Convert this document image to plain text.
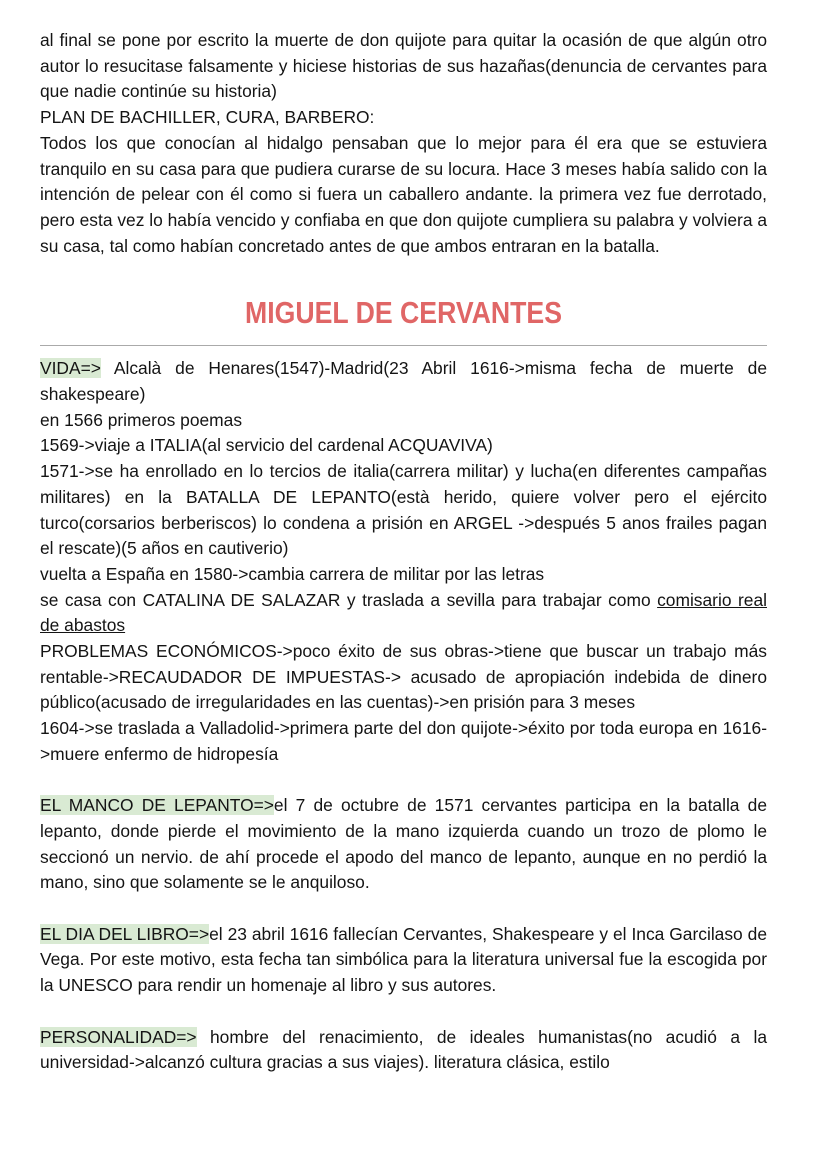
al final se pone por escrito la muerte de don quijote para quitar la ocasión de que algún otro autor lo resucitase falsamente y hiciese historias de sus hazañas(denuncia de cervantes para que nadie continúe su historia)

PLAN DE BACHILLER, CURA, BARBERO:

Todos los que conocían al hidalgo pensaban que lo mejor para él era que se estuviera tranquilo en su casa para que pudiera curarse de su locura. Hace 3 meses había salido con la intención de pelear con él como si fuera un caballero andante. la primera vez fue derrotado, pero esta vez lo había vencido y confiaba en que don quijote cumpliera su palabra y volviera a su casa, tal como habían concretado antes de que ambos entraran en la batalla.

MIGUEL DE CERVANTES

VIDA=> Alcalà de Henares(1547)-Madrid(23 Abril 1616->misma fecha de muerte de shakespeare)

en 1566 primeros poemas

1569->viaje a ITALIA(al servicio del cardenal ACQUAVIVA)

1571->se ha enrollado en lo tercios de italia(carrera militar) y lucha(en diferentes campañas militares) en la BATALLA DE LEPANTO(està herido, quiere volver pero el ejército turco(corsarios berberiscos) lo condena a prisión en ARGEL ->después 5 anos frailes pagan el rescate)(5 años en cautiverio)

vuelta a España en 1580->cambia carrera de militar por las letras

se casa con CATALINA DE SALAZAR y traslada a sevilla para trabajar como comisario real de abastos

PROBLEMAS ECONÓMICOS->poco éxito de sus obras->tiene que buscar un trabajo más rentable->RECAUDADOR DE IMPUESTAS-> acusado de apropiación indebida de dinero público(acusado de irregularidades en las cuentas)->en prisión para 3 meses

1604->se traslada a Valladolid->primera parte del don quijote->éxito por toda europa en 1616->muere enfermo de hidropesía

EL MANCO DE LEPANTO=>el 7 de octubre de 1571 cervantes participa en la batalla de lepanto, donde pierde el movimiento de la mano izquierda cuando un trozo de plomo le seccionó un nervio. de ahí procede el apodo del manco de lepanto, aunque en no perdió la mano, sino que solamente se le anquiloso.

EL DIA DEL LIBRO=>el 23 abril 1616 fallecían Cervantes, Shakespeare y el Inca Garcilaso de Vega. Por este motivo, esta fecha tan simbólica para la literatura universal fue la escogida por la UNESCO para rendir un homenaje al libro y sus autores.

PERSONALIDAD=> hombre del renacimiento, de ideales humanistas(no acudió a la universidad->alcanzó cultura gracias a sus viajes). literatura clásica, estilo
